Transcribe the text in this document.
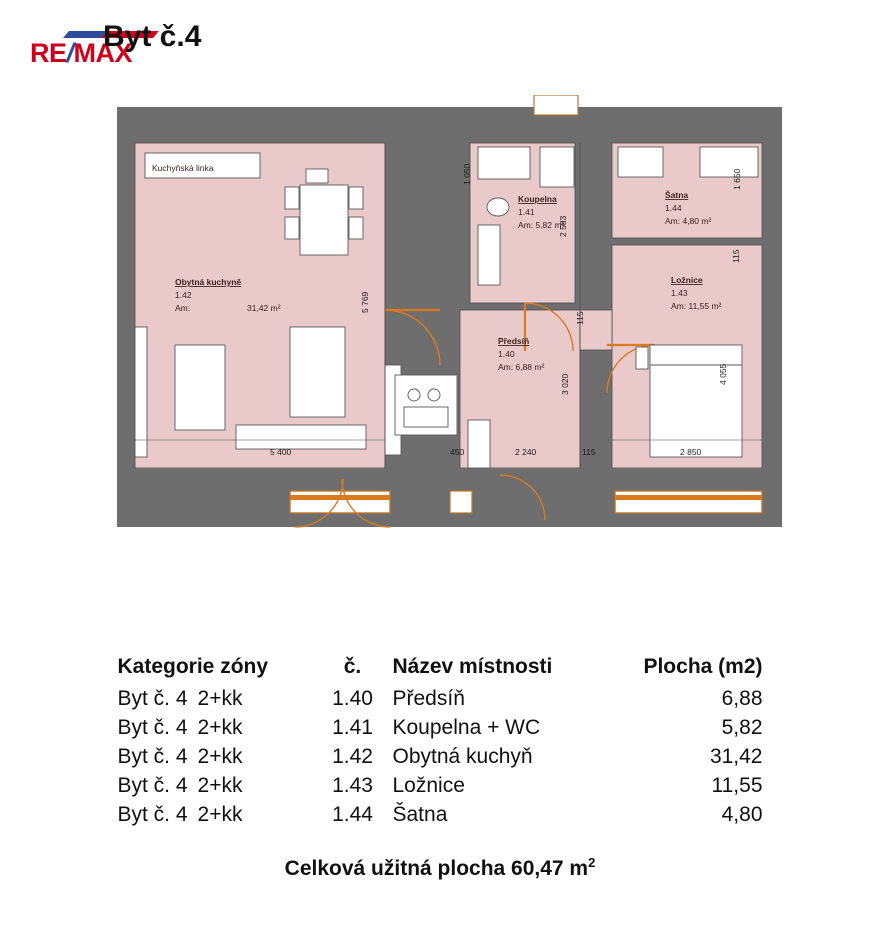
RE/MAX
Byt č.4
Kuchyňská linka
Obytná kuchyně
1.42
Am:	31,42 m²
Koupelna
1.41
Am: 5,82 m²
Šatna
1.44
Am: 4,80 m²
Ložnice
1.43
Am: 11,55 m²
Předsíň
1.40
Am: 6,88 m²
5 769
5 400	450	2 240	115	2 850
2 583
115
3 020	4 055
1 650
115
1 050
Kategorie zóny	č.	Název místnosti	Plocha (m2)
Byt č. 4 2+kk	1.40	Předsíň	6,88
Byt č. 4 2+kk	1.41	Koupelna + WC	5,82
Byt č. 4 2+kk	1.42	Obytná kuchyň	31,42
Byt č. 4 2+kk	1.43	Ložnice	11,55
Byt č. 4 2+kk	1.44	Šatna	4,80
Celková užitná plocha 60,47 $m^2$
